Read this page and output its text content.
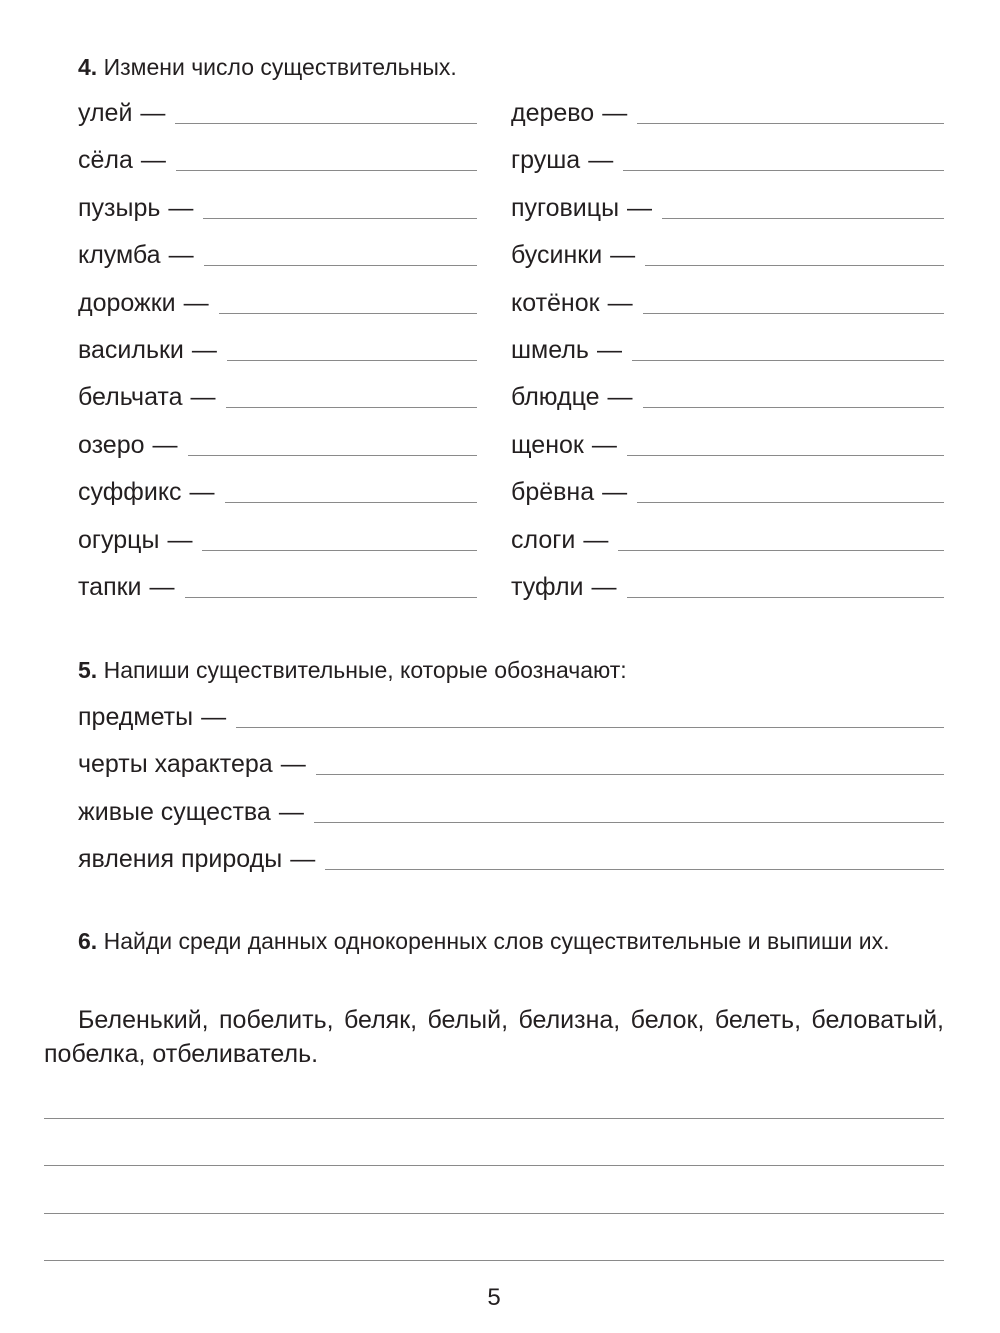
4. Измени число существительных.
улей —
сёла —
пузырь —
клумба —
дорожки —
васильки —
бельчата —
озеро —
суффикс —
огурцы —
тапки —
дерево —
груша —
пуговицы —
бусинки —
котёнок —
шмель —
блюдце —
щенок —
брёвна —
слоги —
туфли —
5. Напиши существительные, которые обозначают:
предметы —
черты характера —
живые существа —
явления природы —
6. Найди среди данных однокоренных слов существительные и выпиши их.
Беленький, побелить, беляк, белый, белизна, белок, белеть, беловатый, побелка, отбеливатель.
5
